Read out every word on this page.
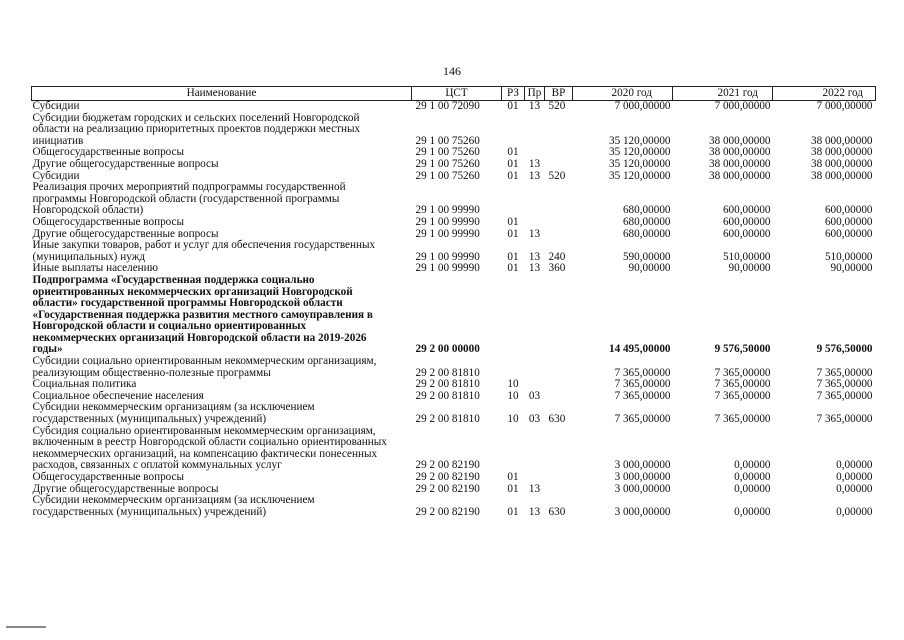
146
Наименование	ЦСТ	РЗ	Пр	ВР	2020 год	2021 год	2022 год
Субсидии	29 1 00 72090	01	13	520	7 000,00000	7 000,00000	7 000,00000
Субсидии бюджетам городских и сельских поселений Новгородской области на реализацию приоритетных проектов поддержки местных инициатив	29 1 00 75260				35 120,00000	38 000,00000	38 000,00000
Общегосударственные вопросы	29 1 00 75260	01			35 120,00000	38 000,00000	38 000,00000
Другие общегосударственные вопросы	29 1 00 75260	01	13		35 120,00000	38 000,00000	38 000,00000
Субсидии	29 1 00 75260	01	13	520	35 120,00000	38 000,00000	38 000,00000
Реализация прочих мероприятий подпрограммы государственной программы Новгородской области (государственной программы Новгородской области)	29 1 00 99990				680,00000	600,00000	600,00000
Общегосударственные вопросы	29 1 00 99990	01			680,00000	600,00000	600,00000
Другие общегосударственные вопросы	29 1 00 99990	01	13		680,00000	600,00000	600,00000
Иные закупки товаров, работ и услуг для обеспечения государственных (муниципальных) нужд	29 1 00 99990	01	13	240	590,00000	510,00000	510,00000
Иные выплаты населению	29 1 00 99990	01	13	360	90,00000	90,00000	90,00000
Подпрограмма «Государственная поддержка социально ориентированных некоммерческих организаций Новгородской области» государственной программы Новгородской области «Государственная поддержка развития местного самоуправления в Новгородской области и социально ориентированных некоммерческих организаций Новгородской области на 2019-2026 годы»	29 2 00 00000				14 495,00000	9 576,50000	9 576,50000
Субсидии социально ориентированным некоммерческим организациям, реализующим общественно-полезные программы	29 2 00 81810				7 365,00000	7 365,00000	7 365,00000
Социальная политика	29 2 00 81810	10			7 365,00000	7 365,00000	7 365,00000
Социальное обеспечение населения	29 2 00 81810	10	03		7 365,00000	7 365,00000	7 365,00000
Субсидии некоммерческим организациям (за исключением государственных (муниципальных) учреждений)	29 2 00 81810	10	03	630	7 365,00000	7 365,00000	7 365,00000
Субсидия социально ориентированным некоммерческим организациям, включенным в реестр Новгородской области социально ориентированных некоммерческих организаций, на компенсацию фактически понесенных расходов, связанных с оплатой коммунальных услуг	29 2 00 82190				3 000,00000	0,00000	0,00000
Общегосударственные вопросы	29 2 00 82190	01			3 000,00000	0,00000	0,00000
Другие общегосударственные вопросы	29 2 00 82190	01	13		3 000,00000	0,00000	0,00000
Субсидии некоммерческим организациям (за исключением государственных (муниципальных) учреждений)	29 2 00 82190	01	13	630	3 000,00000	0,00000	0,00000
